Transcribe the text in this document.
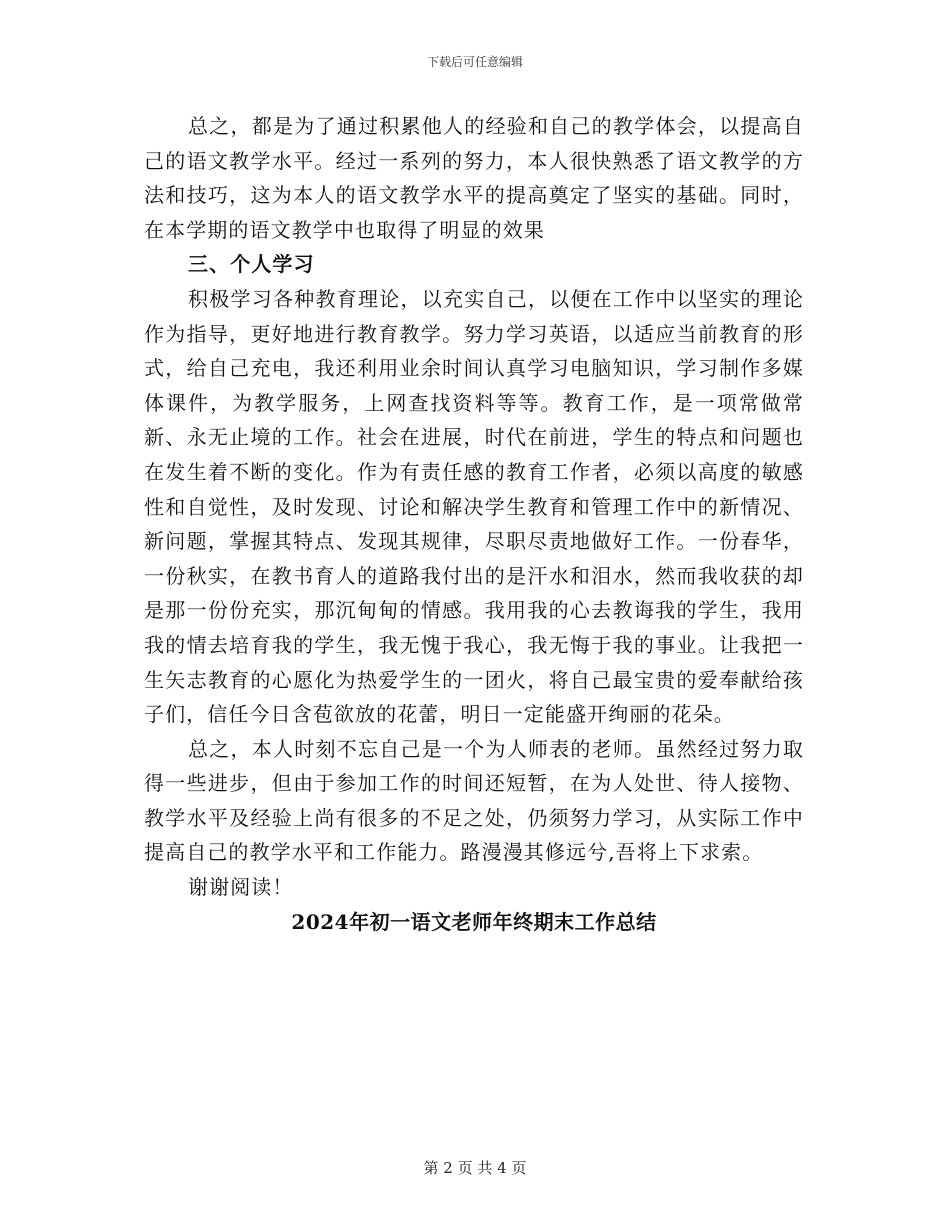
下载后可任意编辑

总之，都是为了通过积累他人的经验和自己的教学体会，以提高自己的语文教学水平。经过一系列的努力，本人很快熟悉了语文教学的方法和技巧，这为本人的语文教学水平的提高奠定了坚实的基础。同时，在本学期的语文教学中也取得了明显的效果

三、个人学习

积极学习各种教育理论，以充实自己，以便在工作中以坚实的理论作为指导，更好地进行教育教学。努力学习英语，以适应当前教育的形式，给自己充电，我还利用业余时间认真学习电脑知识，学习制作多媒体课件，为教学服务，上网查找资料等等。教育工作，是一项常做常新、永无止境的工作。社会在进展，时代在前进，学生的特点和问题也在发生着不断的变化。作为有责任感的教育工作者，必须以高度的敏感性和自觉性，及时发现、讨论和解决学生教育和管理工作中的新情况、新问题，掌握其特点、发现其规律，尽职尽责地做好工作。一份春华，一份秋实，在教书育人的道路我付出的是汗水和泪水，然而我收获的却是那一份份充实，那沉甸甸的情感。我用我的心去教诲我的学生，我用我的情去培育我的学生，我无愧于我心，我无悔于我的事业。让我把一生矢志教育的心愿化为热爱学生的一团火，将自己最宝贵的爱奉献给孩子们，信任今日含苞欲放的花蕾，明日一定能盛开绚丽的花朵。

总之，本人时刻不忘自己是一个为人师表的老师。虽然经过努力取得一些进步，但由于参加工作的时间还短暂，在为人处世、待人接物、教学水平及经验上尚有很多的不足之处，仍须努力学习，从实际工作中提高自己的教学水平和工作能力。路漫漫其修远兮,吾将上下求索。

谢谢阅读！

2024年初一语文老师年终期末工作总结

第 2 页 共 4 页
